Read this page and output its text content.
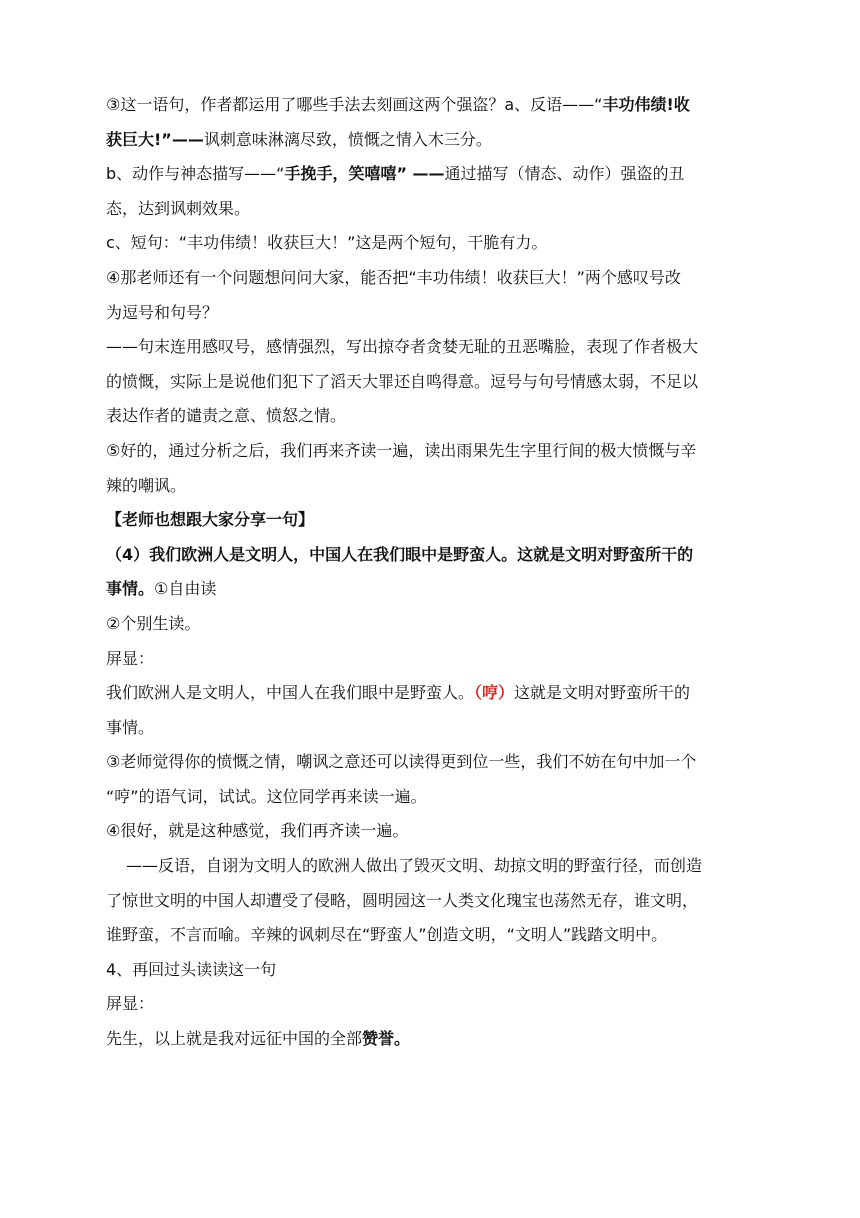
③这一语句，作者都运用了哪些手法去刻画这两个强盗？a、反语——“丰功伟绩!收
获巨大!”——讽刺意味淋漓尽致，愤慨之情入木三分。
b、动作与神态描写——“手挽手，笑嘻嘻” ——通过描写（情态、动作）强盗的丑
态，达到讽刺效果。
c、短句：“丰功伟绩！收获巨大！”这是两个短句，干脆有力。
④那老师还有一个问题想问问大家，能否把“丰功伟绩！收获巨大！”两个感叹号改
为逗号和句号？
——句末连用感叹号，感情强烈，写出掠夺者贪婪无耻的丑恶嘴脸，表现了作者极大
的愤慨，实际上是说他们犯下了滔天大罪还自鸣得意。逗号与句号情感太弱，不足以
表达作者的谴责之意、愤怒之情。
⑤好的，通过分析之后，我们再来齐读一遍，读出雨果先生字里行间的极大愤慨与辛
辣的嘲讽。
【老师也想跟大家分享一句】
（4）我们欧洲人是文明人，中国人在我们眼中是野蛮人。这就是文明对野蛮所干的
事情。①自由读
②个别生读。
屏显：
我们欧洲人是文明人，中国人在我们眼中是野蛮人。（哼）这就是文明对野蛮所干的
事情。
③老师觉得你的愤慨之情，嘲讽之意还可以读得更到位一些，我们不妨在句中加一个
“哼”的语气词，试试。这位同学再来读一遍。
④很好，就是这种感觉，我们再齐读一遍。
——反语，自诩为文明人的欧洲人做出了毁灭文明、劫掠文明的野蛮行径，而创造
了惊世文明的中国人却遭受了侵略，圆明园这一人类文化瑰宝也荡然无存，谁文明，
谁野蛮，不言而喻。辛辣的讽刺尽在“野蛮人”创造文明，“文明人”践踏文明中。
4、再回过头读读这一句
屏显：
先生，以上就是我对远征中国的全部赞誉。
